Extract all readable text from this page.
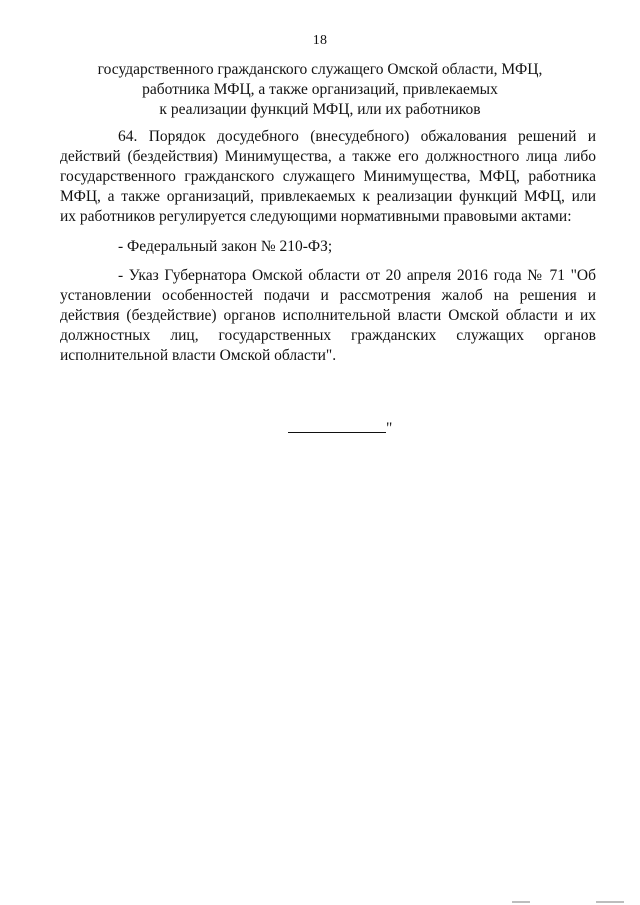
18
государственного гражданского служащего Омской области, МФЦ,
работника МФЦ, а также организаций, привлекаемых
к реализации функций МФЦ, или их работников
64. Порядок досудебного (внесудебного) обжалования решений и
действий (бездействия) Минимущества, а также его должностного лица либо
государственного гражданского служащего Минимущества, МФЦ, работника
МФЦ, а также организаций, привлекаемых к реализации функций МФЦ, или
их работников регулируется следующими нормативными правовыми актами:
- Федеральный закон № 210-ФЗ;
- Указ Губернатора Омской области от 20 апреля 2016 года № 71 "Об
установлении особенностей подачи и рассмотрения жалоб на решения и
действия (бездействие) органов исполнительной власти Омской области и их
должностных лиц, государственных гражданских служащих органов
исполнительной власти Омской области".
"
